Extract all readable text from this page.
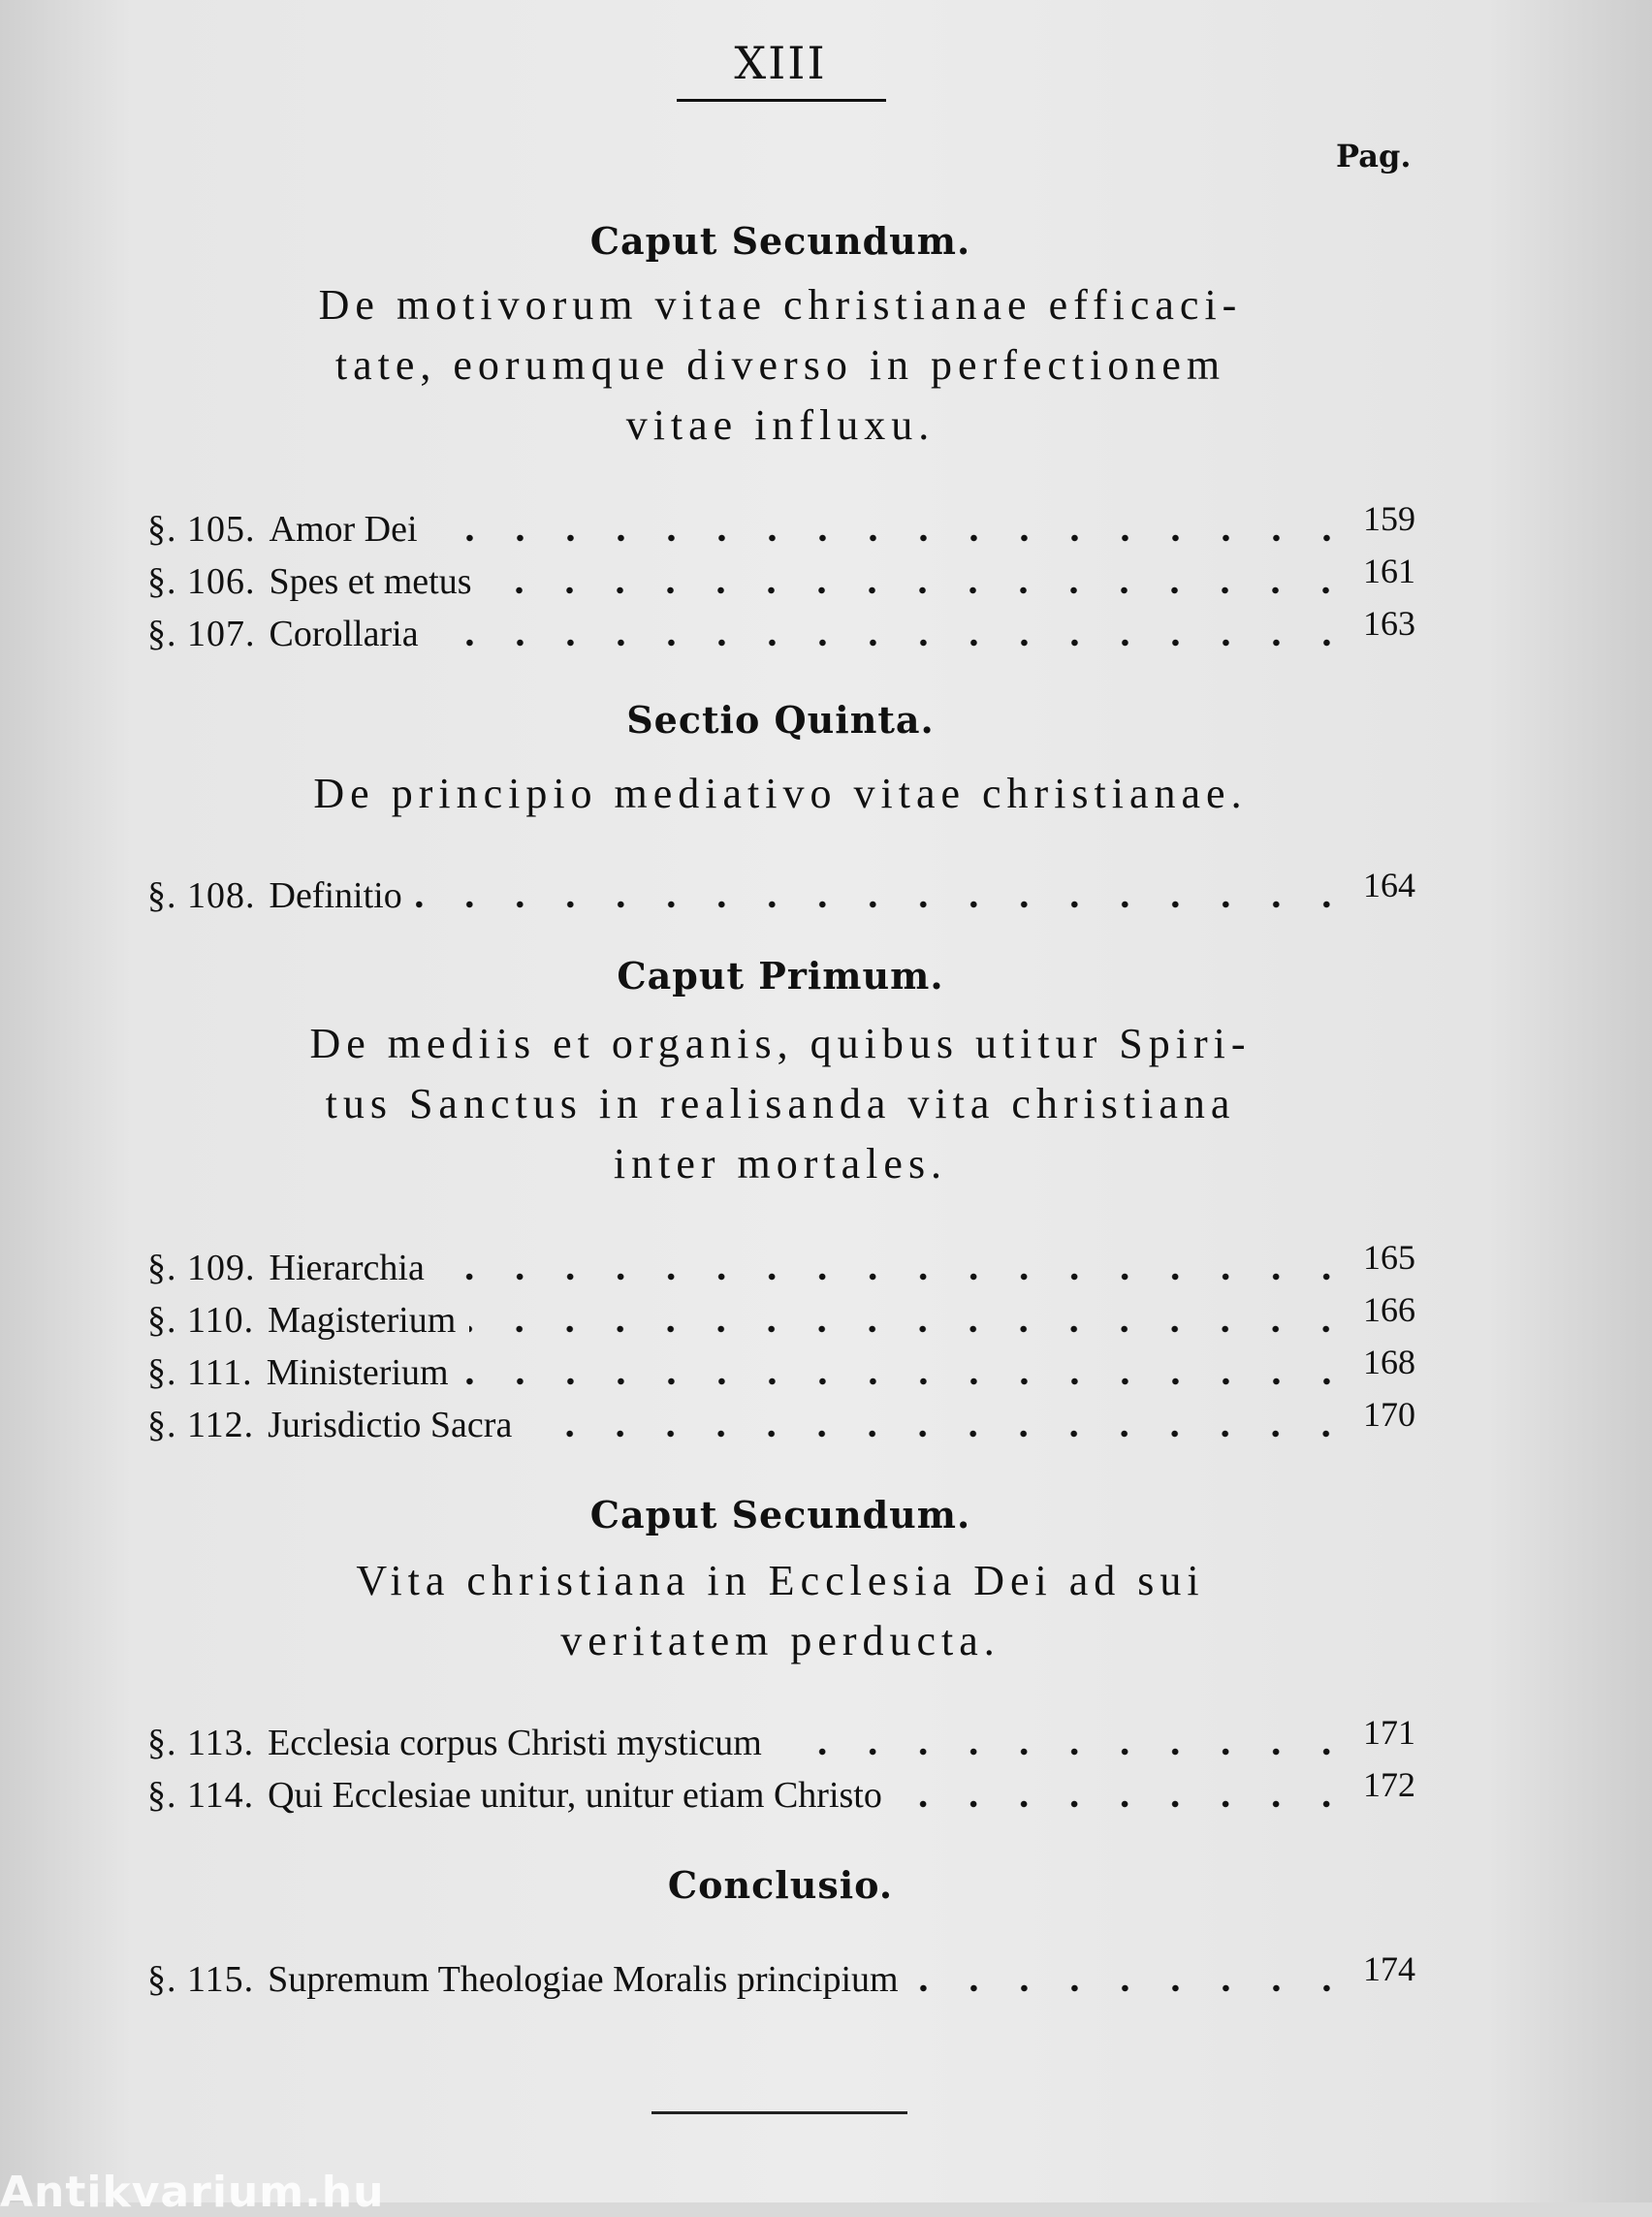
XIII
Pag.
Caput Secundum.
De motivorum vitae christianae efficaci-
tate, eorumque diverso in perfectionem
vitae influxu.
§. 105. Amor Dei	159
§. 106. Spes et metus	161
§. 107. Corollaria	163
Sectio Quinta.
De principio mediativo vitae christianae.
§. 108. Definitio	164
Caput Primum.
De mediis et organis, quibus utitur Spiri-
tus Sanctus in realisanda vita christiana
inter mortales.
§. 109. Hierarchia	165
§. 110. Magisterium	166
§. 111. Ministerium	168
§. 112. Jurisdictio Sacra	170
Caput Secundum.
Vita christiana in Ecclesia Dei ad sui
veritatem perducta.
§. 113. Ecclesia corpus Christi mysticum	171
§. 114. Qui Ecclesiae unitur, unitur etiam Christo	172
Conclusio.
§. 115. Supremum Theologiae Moralis principium	174
Antikvarium.hu
